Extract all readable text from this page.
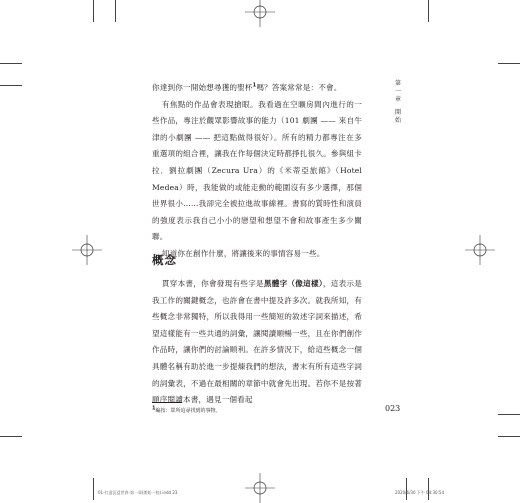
第一章
開始

你達到你一開始想尋獲的聖杯$^1$嗎？答案常常是：不會。

有焦點的作品會表現搶眼。我看過在空曠房間內進行的一些作品，專注於觀眾影響故事的能力（101 劇團 —— 來自牛津的小劇團 —— 把這點做得很好）。所有的精力都專注在多重選項的組合裡，讓我在作每個決定時都掙扎很久。參與組卡拉．劉拉劇團（Zecura Ura）的《米蒂亞旅館》（Hotel Medea）時，我能做的或能走動的範圍沒有多少選擇，那個世界很小……我卻完全被拉進故事線裡。書寫的質時性和演員的強度表示我自己小小的戀望和想望不會和故事產生多少關聯。

知道你在創作什麼，將讓後來的事情容易一些。

概念

貫穿本書，你會發現有些字是黑體字（像這樣），這表示是我工作的關鍵概念，也許會在書中提及許多次。就我所知，有些概念非常獨特，所以我得用一些簡短的敘述字詞來描述，希望這樣能有一些共通的詞彙，讓閱讀順暢一些，且在你們創作作品時，讓你們的討論順利。在許多情況下，給這些概念一個具體名稱有助於進一步提煉我們的想法，書末有所有這些字詞的詞彙表，不過在最相關的章節中就會先出現。若你不是按著順序閱讀本書，遇見一個看起

1編按：眾所追尋找到的事物。	023
01-打造沉浸世界-第一章(開始一校).indd 23	2020/6/30 下午 04:30:54
